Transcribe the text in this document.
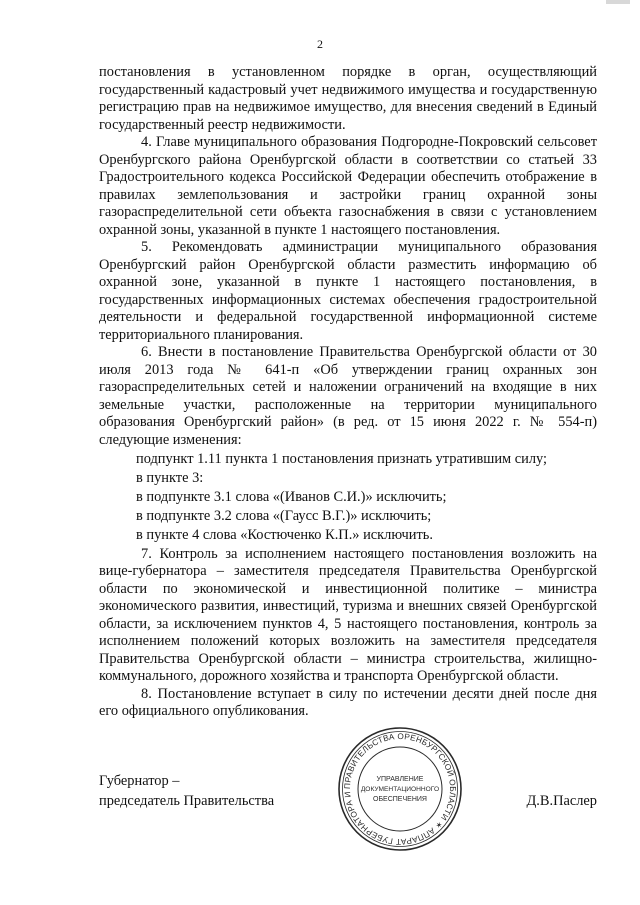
2

постановления в установленном порядке в орган, осуществляющий государственный кадастровый учет недвижимого имущества и государственную регистрацию прав на недвижимое имущество, для внесения сведений в Единый государственный реестр недвижимости.

4. Главе муниципального образования Подгородне-Покровский сельсовет Оренбургского района Оренбургской области в соответствии со статьей 33 Градостроительного кодекса Российской Федерации обеспечить отображение в правилах землепользования и застройки границ охранной зоны газораспределительной сети объекта газоснабжения в связи с установлением охранной зоны, указанной в пункте 1 настоящего постановления.

5. Рекомендовать администрации муниципального образования Оренбургский район Оренбургской области разместить информацию об охранной зоне, указанной в пункте 1 настоящего постановления, в государственных информационных системах обеспечения градостроительной деятельности и федеральной государственной информационной системе территориального планирования.

6. Внести в постановление Правительства Оренбургской области от 30 июля 2013 года № 641-п «Об утверждении границ охранных зон газораспределительных сетей и наложении ограничений на входящие в них земельные участки, расположенные на территории муниципального образования Оренбургский район» (в ред. от 15 июня 2022 г. № 554-п) следующие изменения:

подпункт 1.11 пункта 1 постановления признать утратившим силу;

в пункте 3:

в подпункте 3.1 слова «(Иванов С.И.)» исключить;

в подпункте 3.2 слова «(Гаусс В.Г.)» исключить;

в пункте 4 слова «Костюченко К.П.» исключить.

7. Контроль за исполнением настоящего постановления возложить на вице-губернатора – заместителя председателя Правительства Оренбургской области по экономической и инвестиционной политике – министра экономического развития, инвестиций, туризма и внешних связей Оренбургской области, за исключением пунктов 4, 5 настоящего постановления, контроль за исполнением положений которых возложить на заместителя председателя Правительства Оренбургской области – министра строительства, жилищно-коммунального, дорожного хозяйства и транспорта Оренбургской области.

8. Постановление вступает в силу по истечении десяти дней после дня его официального опубликования.

Губернатор –
председатель Правительства	Д.В.Паслер
ПРАВИТЕЛЬСТВА ОРЕНБУРГСКОЙ ОБЛАСТИ ✶ АППАРАТ ГУБЕРНАТОРА И
УПРАВЛЕНИЕ
ДОКУМЕНТАЦИОННОГО
ОБЕСПЕЧЕНИЯ
